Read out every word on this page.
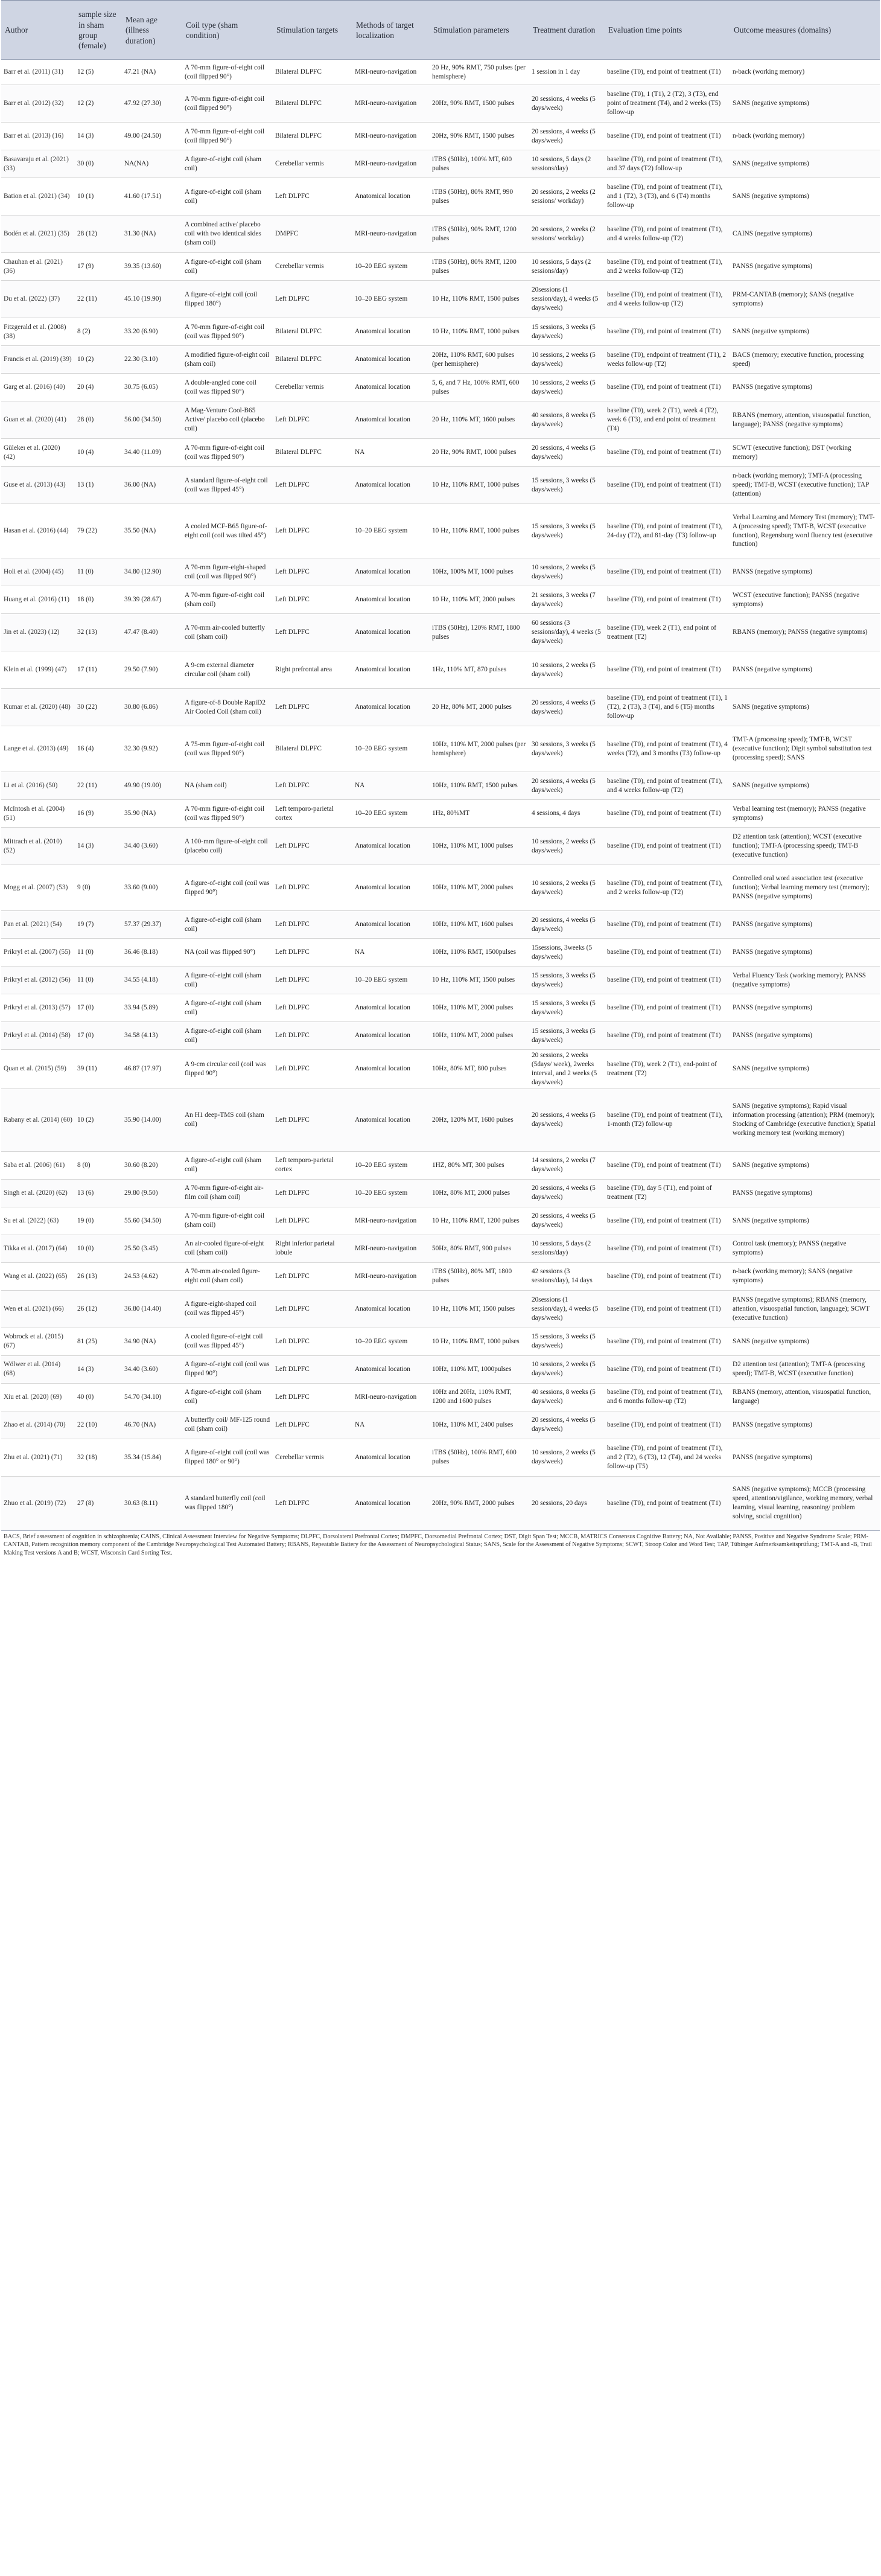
Author	sample size in sham group (female)	Mean age (illness duration)	Coil type (sham condition)	Stimulation targets	Methods of target localization	Stimulation parameters	Treatment duration	Evaluation time points	Outcome measures (domains)
Barr et al. (2011) (31)	12 (5)	47.21 (NA)	A 70-mm figure-of-eight coil (coil flipped 90°)	Bilateral DLPFC	MRI-neuro-navigation	20 Hz, 90% RMT, 750 pulses (per hemisphere)	1 session in 1 day	baseline (T0), end point of treatment (T1)	n-back (working memory)
Barr et al. (2012) (32)	12 (2)	47.92 (27.30)	A 70-mm figure-of-eight coil (coil flipped 90°)	Bilateral DLPFC	MRI-neuro-navigation	20Hz, 90% RMT, 1500 pulses	20 sessions, 4 weeks (5 days/week)	baseline (T0), 1 (T1), 2 (T2), 3 (T3), end point of treatment (T4), and 2 weeks (T5) follow-up	SANS (negative symptoms)
Barr et al. (2013) (16)	14 (3)	49.00 (24.50)	A 70-mm figure-of-eight coil (coil flipped 90°)	Bilateral DLPFC	MRI-neuro-navigation	20Hz, 90% RMT, 1500 pulses	20 sessions, 4 weeks (5 days/week)	baseline (T0), end point of treatment (T1)	n-back (working memory)
Basavaraju et al. (2021) (33)	30 (0)	NA(NA)	A figure-of-eight coil (sham coil)	Cerebellar vermis	MRI-neuro-navigation	iTBS (50Hz), 100% MT, 600 pulses	10 sessions, 5 days (2 sessions/day)	baseline (T0), end point of treatment (T1), and 37 days (T2) follow-up	SANS (negative symptoms)
Bation et al. (2021) (34)	10 (1)	41.60 (17.51)	A figure-of-eight coil (sham coil)	Left DLPFC	Anatomical location	iTBS (50Hz), 80% RMT, 990 pulses	20 sessions, 2 weeks (2 sessions/ workday)	baseline (T0), end point of treatment (T1), and 1 (T2), 3 (T3), and 6 (T4) months follow-up	SANS (negative symptoms)
Bodén et al. (2021) (35)	28 (12)	31.30 (NA)	A combined active/ placebo coil with two identical sides (sham coil)	DMPFC	MRI-neuro-navigation	iTBS (50Hz), 90% RMT, 1200 pulses	20 sessions, 2 weeks (2 sessions/ workday)	baseline (T0), end point of treatment (T1), and 4 weeks follow-up (T2)	CAINS (negative symptoms)
Chauhan et al. (2021) (36)	17 (9)	39.35 (13.60)	A figure-of-eight coil (sham coil)	Cerebellar vermis	10–20 EEG system	iTBS (50Hz), 80% RMT, 1200 pulses	10 sessions, 5 days (2 sessions/day)	baseline (T0), end point of treatment (T1), and 2 weeks follow-up (T2)	PANSS (negative symptoms)
Du et al. (2022) (37)	22 (11)	45.10 (19.90)	A figure-of-eight coil (coil flipped 180°)	Left DLPFC	10–20 EEG system	10 Hz, 110% RMT, 1500 pulses	20sessions (1 session/day), 4 weeks (5 days/week)	baseline (T0), end point of treatment (T1), and 4 weeks follow-up (T2)	PRM-CANTAB (memory); SANS (negative symptoms)
Fitzgerald et al. (2008) (38)	8 (2)	33.20 (6.90)	A 70-mm figure-of-eight coil (coil was flipped 90°)	Bilateral DLPFC	Anatomical location	10 Hz, 110% RMT, 1000 pulses	15 sessions, 3 weeks (5 days/week)	baseline (T0), end point of treatment (T1)	SANS (negative symptoms)
Francis et al. (2019) (39)	10 (2)	22.30 (3.10)	A modified figure-of-eight coil (sham coil)	Bilateral DLPFC	Anatomical location	20Hz, 110% RMT, 600 pulses (per hemisphere)	10 sessions, 2 weeks (5 days/week)	baseline (T0), endpoint of treatment (T1), 2 weeks follow-up (T2)	BACS (memory; executive function, processing speed)
Garg et al. (2016) (40)	20 (4)	30.75 (6.05)	A double-angled cone coil (coil was flipped 90°)	Cerebellar vermis	Anatomical location	5, 6, and 7 Hz, 100% RMT, 600 pulses	10 sessions, 2 weeks (5 days/week)	baseline (T0), end point of treatment (T1)	PANSS (negative symptoms)
Guan et al. (2020) (41)	28 (0)	56.00 (34.50)	A Mag-Venture Cool-B65 Active/ placebo coil (placebo coil)	Left DLPFC	Anatomical location	20 Hz, 110% MT, 1600 pulses	40 sessions, 8 weeks (5 days/week)	baseline (T0), week 2 (T1), week 4 (T2), week 6 (T3), and end point of treatment (T4)	RBANS (memory, attention, visuospatial function, language); PANSS (negative symptoms)
Gülekeı et al. (2020) (42)	10 (4)	34.40 (11.09)	A 70-mm figure-of-eight coil (coil was flipped 90°)	Bilateral DLPFC	NA	20 Hz, 90% RMT, 1000 pulses	20 sessions, 4 weeks (5 days/week)	baseline (T0), end point of treatment (T1)	SCWT (executive function); DST (working memory)
Guse et al. (2013) (43)	13 (1)	36.00 (NA)	A standard figure-of-eight coil (coil was flipped 45°)	Left DLPFC	Anatomical location	10 Hz, 110% RMT, 1000 pulses	15 sessions, 3 weeks (5 days/week)	baseline (T0), end point of treatment (T1)	n-back (working memory); TMT-A (processing speed); TMT-B, WCST (executive function); TAP (attention)
Hasan et al. (2016) (44)	79 (22)	35.50 (NA)	A cooled MCF-B65 figure-of-eight coil (coil was tilted 45°)	Left DLPFC	10–20 EEG system	10 Hz, 110% RMT, 1000 pulses	15 sessions, 3 weeks (5 days/week)	baseline (T0), end point of treatment (T1), 24-day (T2), and 81-day (T3) follow-up	Verbal Learning and Memory Test (memory); TMT-A (processing speed); TMT-B, WCST (executive function), Regensburg word fluency test (executive function)
Holi et al. (2004) (45)	11 (0)	34.80 (12.90)	A 70-mm figure-eight-shaped coil (coil was flipped 90°)	Left DLPFC	Anatomical location	10Hz, 100% MT, 1000 pulses	10 sessions, 2 weeks (5 days/week)	baseline (T0), end point of treatment (T1)	PANSS (negative symptoms)
Huang et al. (2016) (11)	18 (0)	39.39 (28.67)	A 70-mm figure-of-eight coil (sham coil)	Left DLPFC	Anatomical location	10 Hz, 110% MT, 2000 pulses	21 sessions, 3 weeks (7 days/week)	baseline (T0), end point of treatment (T1)	WCST (executive function); PANSS (negative symptoms)
Jin et al. (2023) (12)	32 (13)	47.47 (8.40)	A 70-mm air-cooled butterfly coil (sham coil)	Left DLPFC	Anatomical location	iTBS (50Hz), 120% RMT, 1800 pulses	60 sessions (3 sessions/day), 4 weeks (5 days/week)	baseline (T0), week 2 (T1), end point of treatment (T2)	RBANS (memory); PANSS (negative symptoms)
Klein et al. (1999) (47)	17 (11)	29.50 (7.90)	A 9-cm external diameter circular coil (sham coil)	Right prefrontal area	Anatomical location	1Hz, 110% MT, 870 pulses	10 sessions, 2 weeks (5 days/week)	baseline (T0), end point of treatment (T1)	PANSS (negative symptoms)
Kumar et al. (2020) (48)	30 (22)	30.80 (6.86)	A figure-of-8 Double RapiD2 Air Cooled Coil (sham coil)	Left DLPFC	Anatomical location	20 Hz, 80% MT, 2000 pulses	20 sessions, 4 weeks (5 days/week)	baseline (T0), end point of treatment (T1), 1 (T2), 2 (T3), 3 (T4), and 6 (T5) months follow-up	SANS (negative symptoms)
Lange et al. (2013) (49)	16 (4)	32.30 (9.92)	A 75-mm figure-of-eight coil (coil was flipped 90°)	Bilateral DLPFC	10–20 EEG system	10Hz, 110% MT, 2000 pulses (per hemisphere)	30 sessions, 3 weeks (5 days/week)	baseline (T0), end point of treatment (T1), 4 weeks (T2), and 3 months (T3) follow-up	TMT-A (processing speed); TMT-B, WCST (executive function); Digit symbol substitution test (processing speed); SANS
Li et al. (2016) (50)	22 (11)	49.90 (19.00)	NA (sham coil)	Left DLPFC	NA	10Hz, 110% RMT, 1500 pulses	20 sessions, 4 weeks (5 days/week)	baseline (T0), end point of treatment (T1), and 4 weeks follow-up (T2)	SANS (negative symptoms)
McIntosh et al. (2004) (51)	16 (9)	35.90 (NA)	A 70-mm figure-of-eight coil (coil was flipped 90°)	Left temporo-parietal cortex	10–20 EEG system	1Hz, 80%MT	4 sessions, 4 days	baseline (T0), end point of treatment (T1)	Verbal learning test (memory); PANSS (negative symptoms)
Mittrach et al. (2010) (52)	14 (3)	34.40 (3.60)	A 100-mm figure-of-eight coil (placebo coil)	Left DLPFC	Anatomical location	10Hz, 110% MT, 1000 pulses	10 sessions, 2 weeks (5 days/week)	baseline (T0), end point of treatment (T1)	D2 attention task (attention); WCST (executive function); TMT-A (processing speed); TMT-B (executive function)
Mogg et al. (2007) (53)	9 (0)	33.60 (9.00)	A figure-of-eight coil (coil was flipped 90°)	Left DLPFC	Anatomical location	10Hz, 110% MT, 2000 pulses	10 sessions, 2 weeks (5 days/week)	baseline (T0), end point of treatment (T1), and 2 weeks follow-up (T2)	Controlled oral word association test (executive function); Verbal learning memory test (memory); PANSS (negative symptoms)
Pan et al. (2021) (54)	19 (7)	57.37 (29.37)	A figure-of-eight coil (sham coil)	Left DLPFC	Anatomical location	10Hz, 110% MT, 1600 pulses	20 sessions, 4 weeks (5 days/week)	baseline (T0), end point of treatment (T1)	PANSS (negative symptoms)
Prikryl et al. (2007) (55)	11 (0)	36.46 (8.18)	NA (coil was flipped 90°)	Left DLPFC	NA	10Hz, 110% RMT, 1500pulses	15sessions, 3weeks (5 days/week)	baseline (T0), end point of treatment (T1)	PANSS (negative symptoms)
Prikryl et al. (2012) (56)	11 (0)	34.55 (4.18)	A figure-of-eight coil (sham coil)	Left DLPFC	10–20 EEG system	10 Hz, 110% MT, 1500 pulses	15 sessions, 3 weeks (5 days/week)	baseline (T0), end point of treatment (T1)	Verbal Fluency Task (working memory); PANSS (negative symptoms)
Prikryl et al. (2013) (57)	17 (0)	33.94 (5.89)	A figure-of-eight coil (sham coil)	Left DLPFC	Anatomical location	10Hz, 110% MT, 2000 pulses	15 sessions, 3 weeks (5 days/week)	baseline (T0), end point of treatment (T1)	PANSS (negative symptoms)
Prikryl et al. (2014) (58)	17 (0)	34.58 (4.13)	A figure-of-eight coil (sham coil)	Left DLPFC	Anatomical location	10Hz, 110% MT, 2000 pulses	15 sessions, 3 weeks (5 days/week)	baseline (T0), end point of treatment (T1)	PANSS (negative symptoms)
Quan et al. (2015) (59)	39 (11)	46.87 (17.97)	A 9-cm circular coil (coil was flipped 90°)	Left DLPFC	Anatomical location	10Hz, 80% MT, 800 pulses	20 sessions, 2 weeks (5days/ week), 2weeks interval, and 2 weeks (5 days/week)	baseline (T0), week 2 (T1), end-point of treatment (T2)	SANS (negative symptoms)
Rabany et al. (2014) (60)	10 (2)	35.90 (14.00)	An H1 deep-TMS coil (sham coil)	Left DLPFC	Anatomical location	20Hz, 120% MT, 1680 pulses	20 sessions, 4 weeks (5 days/week)	baseline (T0), end point of treatment (T1), 1-month (T2) follow-up	SANS (negative symptoms); Rapid visual information processing (attention); PRM (memory); Stocking of Cambridge (executive function); Spatial working memory test (working memory)
Saba et al. (2006) (61)	8 (0)	30.60 (8.20)	A figure-of-eight coil (sham coil)	Left temporo-parietal cortex	10–20 EEG system	1HZ, 80% MT, 300 pulses	14 sessions, 2 weeks (7 days/week)	baseline (T0), end point of treatment (T1)	SANS (negative symptoms)
Singh et al. (2020) (62)	13 (6)	29.80 (9.50)	A 70-mm figure-of-eight air-film coil (sham coil)	Left DLPFC	10–20 EEG system	10Hz, 80% MT, 2000 pulses	20 sessions, 4 weeks (5 days/week)	baseline (T0), day 5 (T1), end point of treatment (T2)	PANSS (negative symptoms)
Su et al. (2022) (63)	19 (0)	55.60 (34.50)	A 70-mm figure-of-eight coil (sham coil)	Left DLPFC	MRI-neuro-navigation	10 Hz, 110% RMT, 1200 pulses	20 sessions, 4 weeks (5 days/week)	baseline (T0), end point of treatment (T1)	SANS (negative symptoms)
Tikka et al. (2017) (64)	10 (0)	25.50 (3.45)	An air-cooled figure-of-eight coil (sham coil)	Right inferior parietal lobule	MRI-neuro-navigation	50Hz, 80% RMT, 900 pulses	10 sessions, 5 days (2 sessions/day)	baseline (T0), end point of treatment (T1)	Control task (memory); PANSS (negative symptoms)
Wang et al. (2022) (65)	26 (13)	24.53 (4.62)	A 70-mm air-cooled figure-eight coil (sham coil)	Left DLPFC	MRI-neuro-navigation	iTBS (50Hz), 80% MT, 1800 pulses	42 sessions (3 sessions/day), 14 days	baseline (T0), end point of treatment (T1)	n-back (working memory); SANS (negative symptoms)
Wen et al. (2021) (66)	26 (12)	36.80 (14.40)	A figure-eight-shaped coil (coil was flipped 45°)	Left DLPFC	Anatomical location	10 Hz, 110% MT, 1500 pulses	20sessions (1 session/day), 4 weeks (5 days/week)	baseline (T0), end point of treatment (T1)	PANSS (negative symptoms); RBANS (memory, attention, visuospatial function, language); SCWT (executive function)
Wobrock et al. (2015) (67)	81 (25)	34.90 (NA)	A cooled figure-of-eight coil (coil was flipped 45°)	Left DLPFC	10–20 EEG system	10 Hz, 110% RMT, 1000 pulses	15 sessions, 3 weeks (5 days/week)	baseline (T0), end point of treatment (T1)	SANS (negative symptoms)
Wölwer et al. (2014) (68)	14 (3)	34.40 (3.60)	A figure-of-eight coil (coil was flipped 90°)	Left DLPFC	Anatomical location	10Hz, 110% MT, 1000pulses	10 sessions, 2 weeks (5 days/week)	baseline (T0), end point of treatment (T1)	D2 attention test (attention); TMT-A (processing speed); TMT-B, WCST (executive function)
Xiu et al. (2020) (69)	40 (0)	54.70 (34.10)	A figure-of-eight coil (sham coil)	Left DLPFC	MRI-neuro-navigation	10Hz and 20Hz, 110% RMT, 1200 and 1600 pulses	40 sessions, 8 weeks (5 days/week)	baseline (T0), end point of treatment (T1), and 6 months follow-up (T2)	RBANS (memory, attention, visuospatial function, language)
Zhao et al. (2014) (70)	22 (10)	46.70 (NA)	A butterfly coil/ MF-125 round coil (sham coil)	Left DLPFC	NA	10Hz, 110% MT, 2400 pulses	20 sessions, 4 weeks (5 days/week)	baseline (T0), end point of treatment (T1)	PANSS (negative symptoms)
Zhu et al. (2021) (71)	32 (18)	35.34 (15.84)	A figure-of-eight coil (coil was flipped 180° or 90°)	Cerebellar vermis	Anatomical location	iTBS (50Hz), 100% RMT, 600 pulses	10 sessions, 2 weeks (5 days/week)	baseline (T0), end point of treatment (T1), and 2 (T2), 6 (T3), 12 (T4), and 24 weeks follow-up (T5)	PANSS (negative symptoms)
Zhuo et al. (2019) (72)	27 (8)	30.63 (8.11)	A standard butterfly coil (coil was flipped 180°)	Left DLPFC	Anatomical location	20Hz, 90% RMT, 2000 pulses	20 sessions, 20 days	baseline (T0), end point of treatment (T1)	SANS (negative symptoms); MCCB (processing speed, attention/vigilance, working memory, verbal learning, visual learning, reasoning/ problem solving, social cognition)
BACS, Brief assessment of cognition in schizophrenia; CAINS, Clinical Assessment Interview for Negative Symptoms; DLPFC, Dorsolateral Prefrontal Cortex; DMPFC, Dorsomedial Prefrontal Cortex; DST, Digit Span Test; MCCB, MATRICS Consensus Cognitive Battery; NA, Not Available; PANSS, Positive and Negative Syndrome Scale; PRM-CANTAB, Pattern recognition memory component of the Cambridge Neuropsychological Test Automated Battery; RBANS, Repeatable Battery for the Assessment of Neuropsychological Status; SANS, Scale for the Assessment of Negative Symptoms; SCWT, Stroop Color and Word Test; TAP, Tübinger Aufmerksamkeitsprüfung; TMT-A and -B, Trail Making Test versions A and B; WCST, Wisconsin Card Sorting Test.
